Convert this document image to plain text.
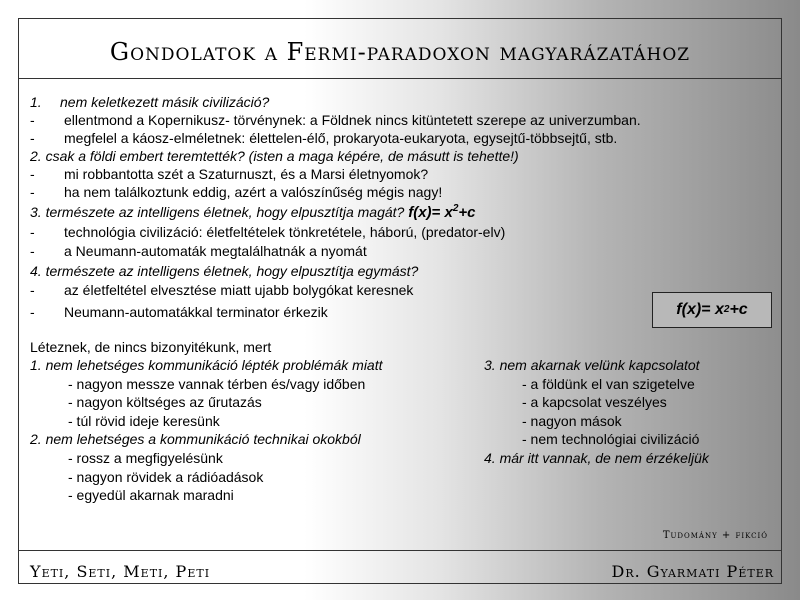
Gondolatok a Fermi-paradoxon magyarázatához
1. nem keletkezett másik civilizáció?
- ellentmond a Kopernikusz- törvénynek: a Földnek nincs kitüntetett szerepe az univerzumban.
- megfelel a káosz-elméletnek: élettelen-élő, prokaryota-eukaryota, egysejtű-többsejtű, stb.
2. csak a földi embert teremtették? (isten a maga képére, de másutt is tehette!)
- mi robbantotta szét a Szaturnuszt, és a Marsi életnyomok?
- ha nem találkoztunk eddig, azért a valószínűség mégis nagy!
3. természete az intelligens életnek, hogy elpusztítja magát? $f(x)= x^2+c$
- technológia civilizáció: életfeltételek tönkretétele, háború, (predator-elv)
- a Neumann-automaták megtalálhatnák a nyomát
4. természete az intelligens életnek, hogy elpusztítja egymást?
- az életfeltétel elvesztése miatt ujabb bolygókat keresnek
- Neumann-automatákkal terminator érkezik	f(x)= x 2 +c
Léteznek, de nincs bizonyitékunk, mert
1. nem lehetséges kommunikáció lépték problémák miatt
- nagyon messze vannak térben és/vagy időben
- nagyon költséges az űrutazás
- túl rövid ideje keresünk
2. nem lehetséges a kommunikáció technikai okokból
- rossz a megfigyelésünk
- nagyon rövidek a rádióadások
- egyedül akarnak maradni
3. nem akarnak velünk kapcsolatot
- a földünk el van szigetelve
- a kapcsolat veszélyes
- nagyon mások
- nem technológiai civilizáció
4. már itt vannak, de nem érzékeljük
Tudomány + fikció
Yeti, Seti, Meti, Peti	Dr. Gyarmati Péter
